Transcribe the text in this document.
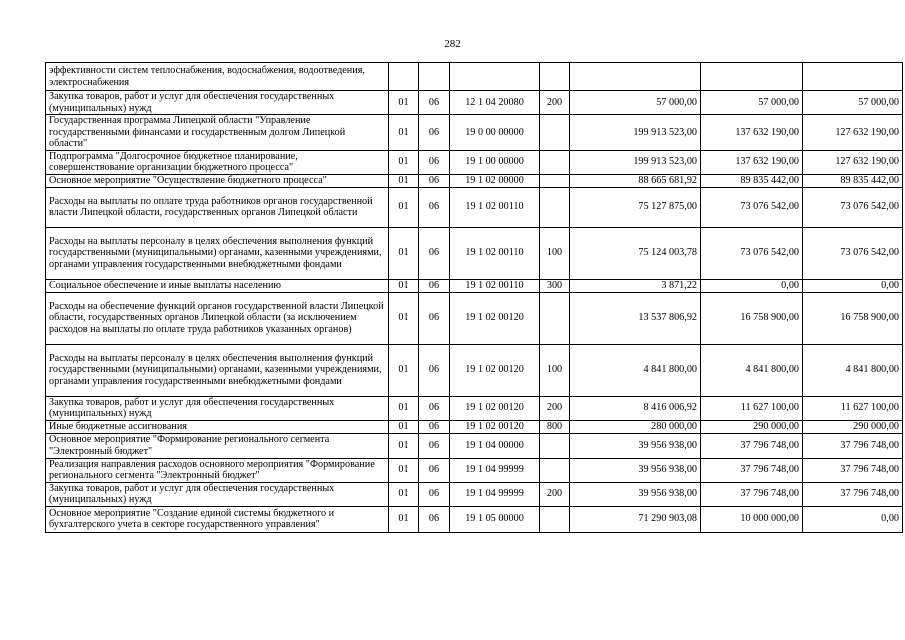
282
эффективности систем теплоснабжения, водоснабжения, водоотведения, электроснабжения							
Закупка товаров, работ и услуг для обеспечения государственных (муниципальных) нужд	01	06	12 1 04 20080	200	57 000,00	57 000,00	57 000,00
Государственная программа Липецкой области "Управление государственными финансами и государственным долгом Липецкой области"	01	06	19 0 00 00000		199 913 523,00	137 632 190,00	127 632 190,00
Подпрограмма "Долгосрочное бюджетное планирование, совершенствование организации бюджетного процесса"	01	06	19 1 00 00000		199 913 523,00	137 632 190,00	127 632 190,00
Основное мероприятие "Осуществление бюджетного процесса"	01	06	19 1 02 00000		88 665 681,92	89 835 442,00	89 835 442,00
Расходы на выплаты по оплате труда работников органов государственной власти Липецкой области, государственных органов Липецкой области	01	06	19 1 02 00110		75 127 875,00	73 076 542,00	73 076 542,00
Расходы на выплаты персоналу в целях обеспечения выполнения функций государственными (муниципальными) органами, казенными учреждениями, органами управления государственными внебюджетными фондами	01	06	19 1 02 00110	100	75 124 003,78	73 076 542,00	73 076 542,00
Социальное обеспечение и иные выплаты населению	01	06	19 1 02 00110	300	3 871,22	0,00	0,00
Расходы на обеспечение функций органов государственной власти Липецкой области, государственных органов Липецкой области (за исключением расходов на выплаты по оплате труда работников указанных органов)	01	06	19 1 02 00120		13 537 806,92	16 758 900,00	16 758 900,00
Расходы на выплаты персоналу в целях обеспечения выполнения функций государственными (муниципальными) органами, казенными учреждениями, органами управления государственными внебюджетными фондами	01	06	19 1 02 00120	100	4 841 800,00	4 841 800,00	4 841 800,00
Закупка товаров, работ и услуг для обеспечения государственных (муниципальных) нужд	01	06	19 1 02 00120	200	8 416 006,92	11 627 100,00	11 627 100,00
Иные бюджетные ассигнования	01	06	19 1 02 00120	800	280 000,00	290 000,00	290 000,00
Основное мероприятие "Формирование регионального сегмента "Электронный бюджет"	01	06	19 1 04 00000		39 956 938,00	37 796 748,00	37 796 748,00
Реализация направления расходов основного мероприятия "Формирование регионального сегмента "Электронный бюджет"	01	06	19 1 04 99999		39 956 938,00	37 796 748,00	37 796 748,00
Закупка товаров, работ и услуг для обеспечения государственных (муниципальных) нужд	01	06	19 1 04 99999	200	39 956 938,00	37 796 748,00	37 796 748,00
Основное мероприятие "Создание единой системы бюджетного и бухгалтерского учета в секторе государственного управления"	01	06	19 1 05 00000		71 290 903,08	10 000 000,00	0,00
